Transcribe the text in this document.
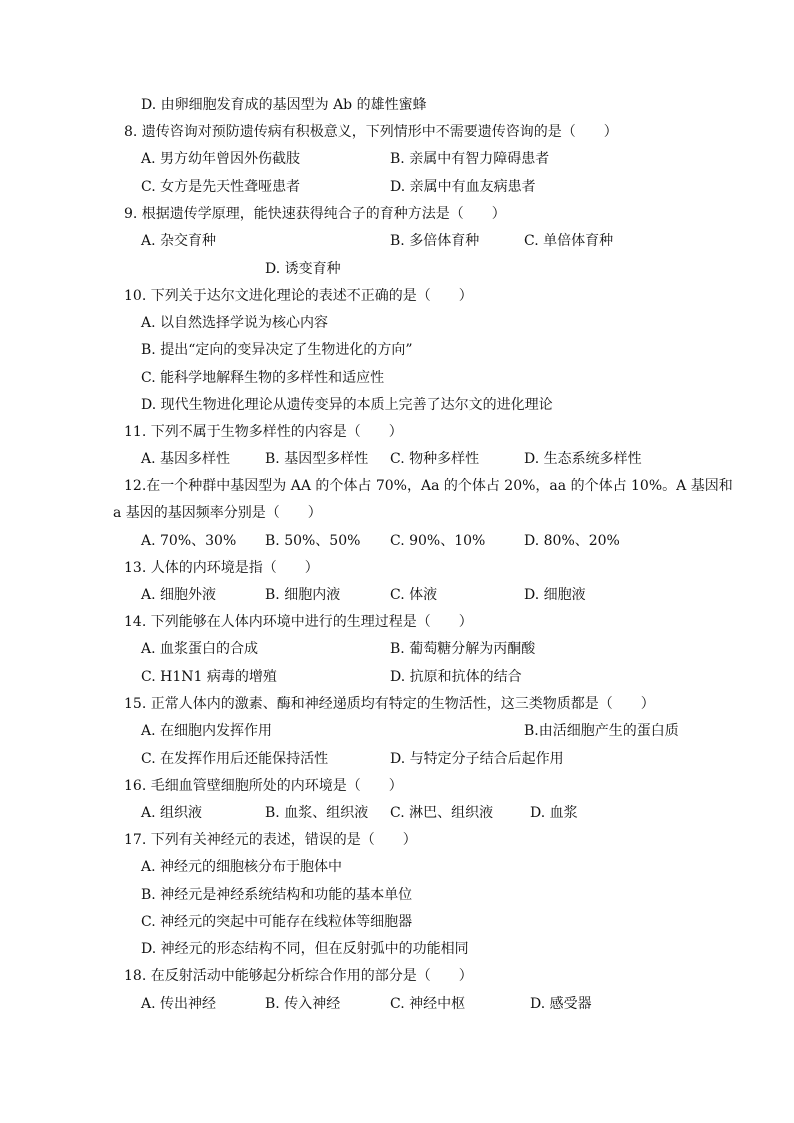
D. 由卵细胞发育成的基因型为 Ab 的雄性蜜蜂
8. 遗传咨询对预防遗传病有积极意义，下列情形中不需要遗传咨询的是（　　）
A. 男方幼年曾因外伤截肢	B. 亲属中有智力障碍患者
C. 女方是先天性聋哑患者	D. 亲属中有血友病患者
9. 根据遗传学原理，能快速获得纯合子的育种方法是（　　）
A. 杂交育种	B. 多倍体育种	C. 单倍体育种
D. 诱变育种
10. 下列关于达尔文进化理论的表述不正确的是（　　）
A. 以自然选择学说为核心内容
B. 提出“定向的变异决定了生物进化的方向”
C. 能科学地解释生物的多样性和适应性
D. 现代生物进化理论从遗传变异的本质上完善了达尔文的进化理论
11. 下列不属于生物多样性的内容是（　　）
A. 基因多样性 B. 基因型多样性 C. 物种多样性	D. 生态系统多样性
12.在一个种群中基因型为 AA 的个体占 70%，Aa 的个体占 20%，aa 的个体占 10%。A 基因和
a 基因的基因频率分别是（　　）
A. 70%、30% B. 50%、50% C. 90%、10%	D. 80%、20%
13. 人体的内环境是指（　　）
A. 细胞外液	B. 细胞内液	C. 体液	D. 细胞液
14. 下列能够在人体内环境中进行的生理过程是（　　）
A. 血浆蛋白的合成	B. 葡萄糖分解为丙酮酸
C. H1N1 病毒的增殖	D. 抗原和抗体的结合
15. 正常人体内的激素、酶和神经递质均有特定的生物活性，这三类物质都是（　　）
A. 在细胞内发挥作用	B.由活细胞产生的蛋白质
C. 在发挥作用后还能保持活性	D. 与特定分子结合后起作用
16. 毛细血管壁细胞所处的内环境是（　　）
A. 组织液	B. 血浆、组织液 C. 淋巴、组织液	D. 血浆
17. 下列有关神经元的表述，错误的是（　　）
A. 神经元的细胞核分布于胞体中
B. 神经元是神经系统结构和功能的基本单位
C. 神经元的突起中可能存在线粒体等细胞器
D. 神经元的形态结构不同，但在反射弧中的功能相同
18. 在反射活动中能够起分析综合作用的部分是（　　）
A. 传出神经	B. 传入神经	C. 神经中枢	D. 感受器
